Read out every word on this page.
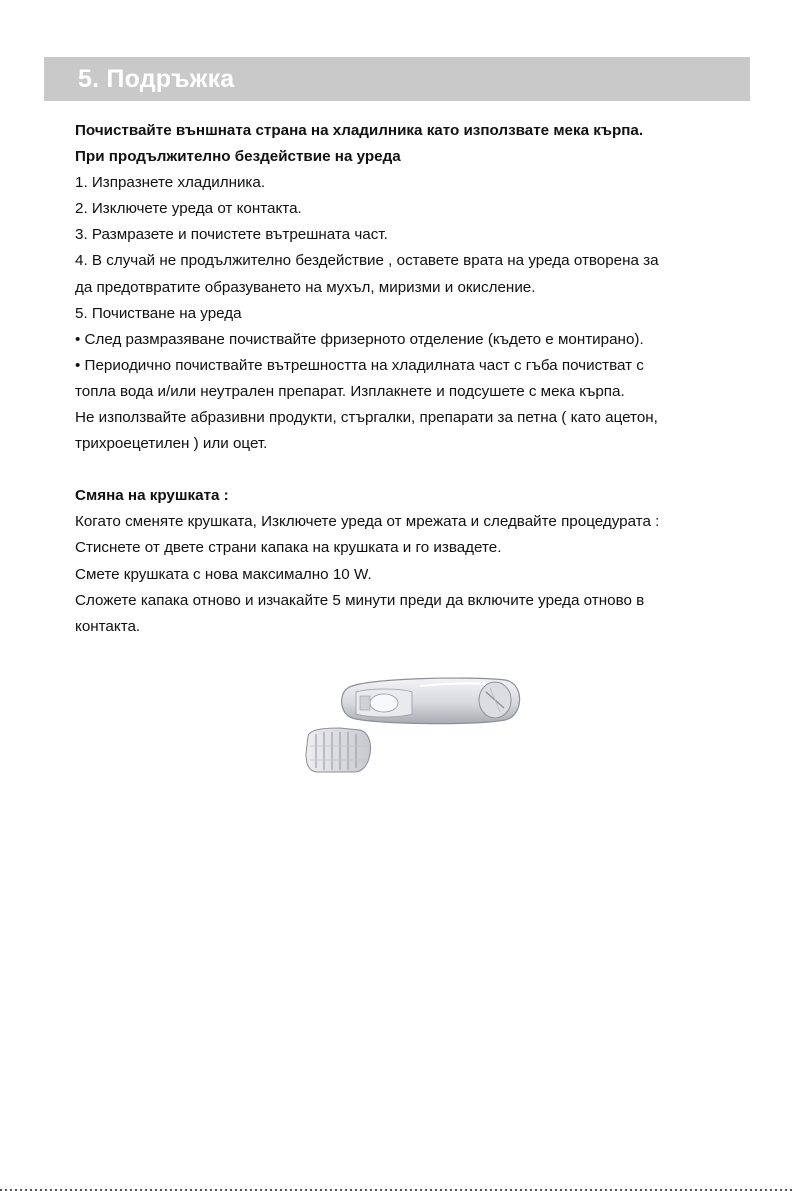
5. Подръжка
Почиствайте външната страна на хладилника като използвате мека кърпа.
При продължително бездействие на уреда
1. Изпразнете хладилника.
2. Изключете уреда от контакта.
3. Размразете и почистете вътрешната част.
4. В случай не продължително бездействие , оставете врата на уреда отворена за
да предотвратите образуването на мухъл, миризми и окисление.
5. Почистване на уреда
• След размразяване почиствайте фризерното отделение (където е монтирано).
• Периодично почиствайте вътрешността на хладилната част с гъба почистват с
топла вода и/или неутрален препарат. Изплакнете и подсушете с мека кърпа.
Не използвайте абразивни продукти, стъргалки, препарати за петна ( като ацетон,
трихроецетилен ) или оцет.
Смяна на крушката :
Когато сменяте крушката, Изключете уреда от мрежата и следвайте процедурата :
Стиснете от двете страни капака на крушката и го извадете.
Смете крушката с нова максимално 10 W.
Сложете капака отново и изчакайте 5 минути преди да включите уреда отново в
контакта.
